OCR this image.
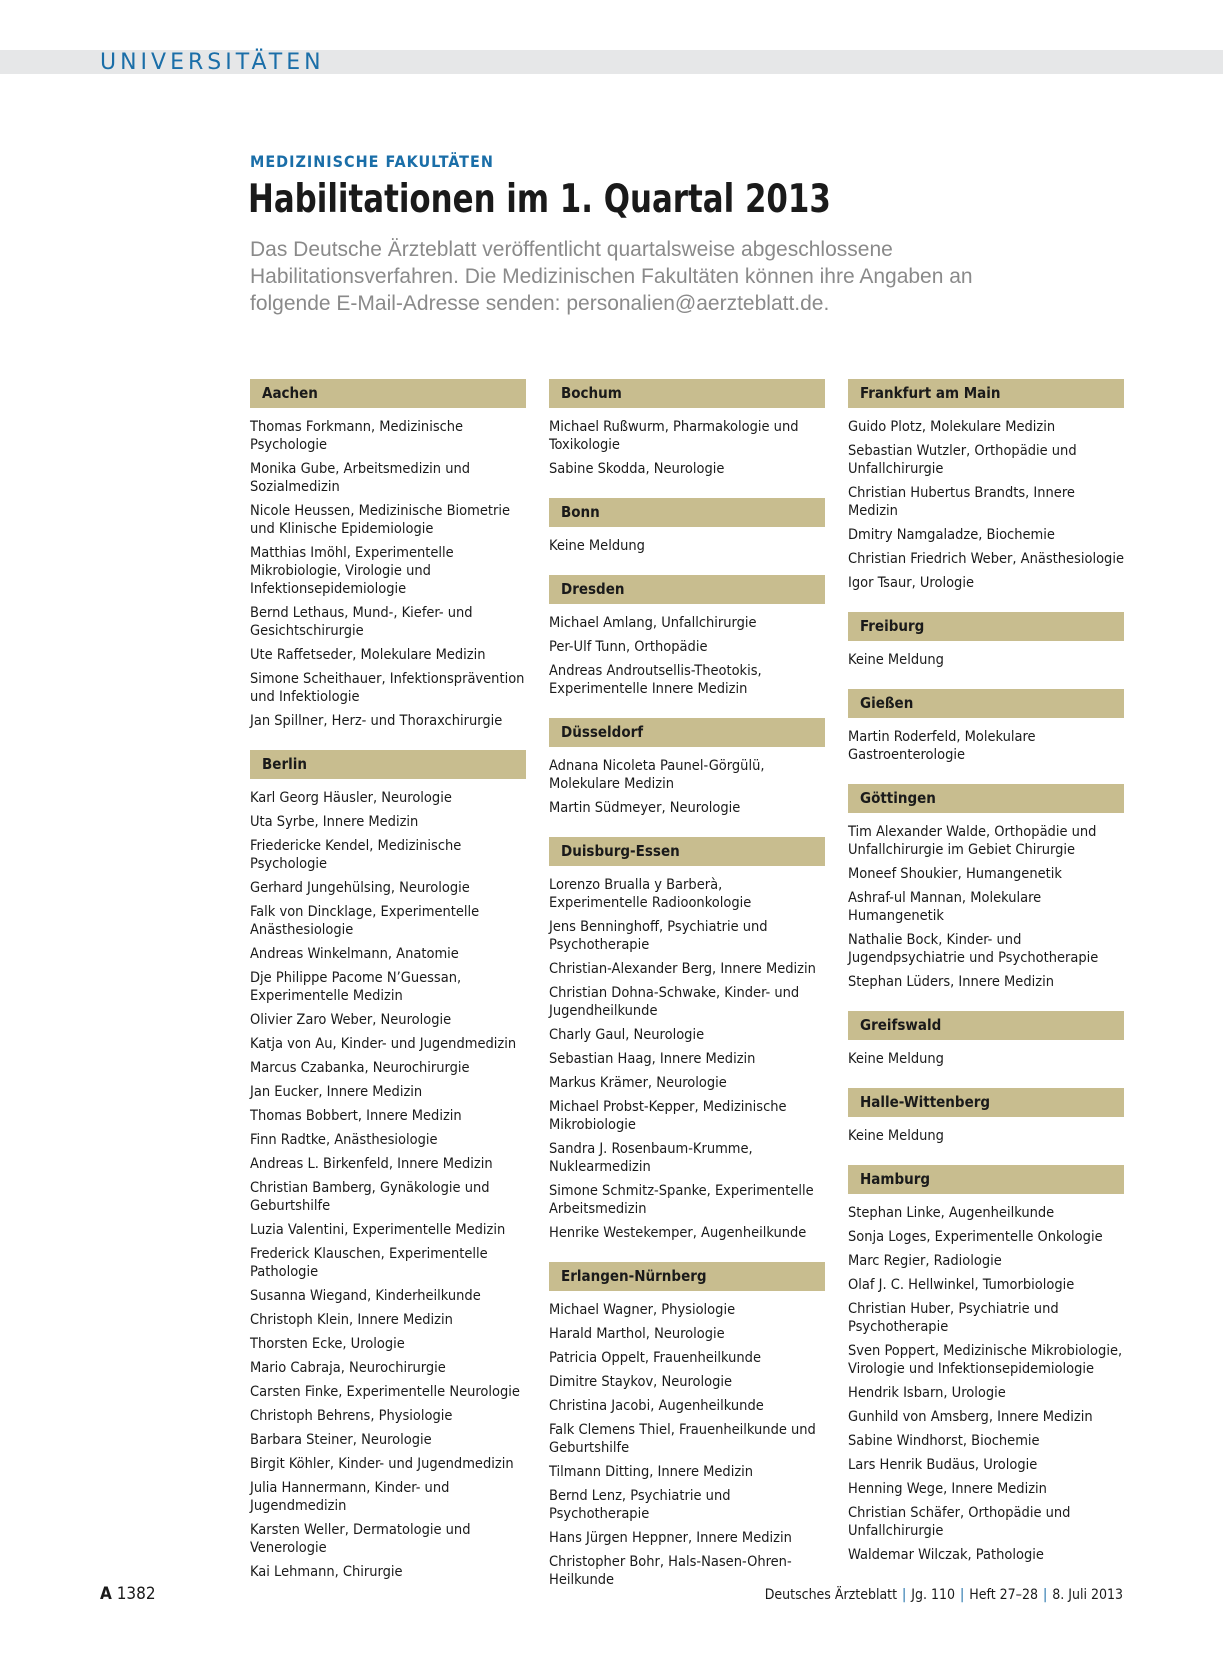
UNIVERSITÄTEN
MEDIZINISCHE FAKULTÄTEN
Habilitationen im 1. Quartal 2013
Das Deutsche Ärzteblatt veröffentlicht quartalsweise abgeschlossene Habilitationsverfahren. Die Medizinischen Fakultäten können ihre Angaben an folgende E-Mail-Adresse senden: personalien@aerzteblatt.de.
Aachen
Thomas Forkmann, Medizinische Psychologie
Monika Gube, Arbeitsmedizin und Sozialmedizin
Nicole Heussen, Medizinische Biometrie und Klinische Epidemiologie
Matthias Imöhl, Experimentelle Mikrobiologie, Virologie und Infektionsepidemiologie
Bernd Lethaus, Mund-, Kiefer- und Gesichtschirurgie
Ute Raffetseder, Molekulare Medizin
Simone Scheithauer, Infektionsprävention und Infektiologie
Jan Spillner, Herz- und Thoraxchirurgie
Berlin
Karl Georg Häusler, Neurologie
Uta Syrbe, Innere Medizin
Friedericke Kendel, Medizinische Psychologie
Gerhard Jungehülsing, Neurologie
Falk von Dincklage, Experimentelle Anästhesiologie
Andreas Winkelmann, Anatomie
Dje Philippe Pacome N’Guessan, Experimentelle Medizin
Olivier Zaro Weber, Neurologie
Katja von Au, Kinder- und Jugendmedizin
Marcus Czabanka, Neurochirurgie
Jan Eucker, Innere Medizin
Thomas Bobbert, Innere Medizin
Finn Radtke, Anästhesiologie
Andreas L. Birkenfeld, Innere Medizin
Christian Bamberg, Gynäkologie und Geburtshilfe
Luzia Valentini, Experimentelle Medizin
Frederick Klauschen, Experimentelle Pathologie
Susanna Wiegand, Kinderheilkunde
Christoph Klein, Innere Medizin
Thorsten Ecke, Urologie
Mario Cabraja, Neurochirurgie
Carsten Finke, Experimentelle Neurologie
Christoph Behrens, Physiologie
Barbara Steiner, Neurologie
Birgit Köhler, Kinder- und Jugendmedizin
Julia Hannermann, Kinder- und Jugendmedizin
Karsten Weller, Dermatologie und Venerologie
Kai Lehmann, Chirurgie
Bochum
Michael Rußwurm, Pharmakologie und Toxikologie
Sabine Skodda, Neurologie
Bonn
Keine Meldung
Dresden
Michael Amlang, Unfallchirurgie
Per-Ulf Tunn, Orthopädie
Andreas Androutsellis-Theotokis, Experimentelle Innere Medizin
Düsseldorf
Adnana Nicoleta Paunel-Görgülü, Molekulare Medizin
Martin Südmeyer, Neurologie
Duisburg-Essen
Lorenzo Brualla y Barberà, Experimentelle Radioonkologie
Jens Benninghoff, Psychiatrie und Psychotherapie
Christian-Alexander Berg, Innere Medizin
Christian Dohna-Schwake, Kinder- und Jugendheilkunde
Charly Gaul, Neurologie
Sebastian Haag, Innere Medizin
Markus Krämer, Neurologie
Michael Probst-Kepper, Medizinische Mikrobiologie
Sandra J. Rosenbaum-Krumme, Nuklearmedizin
Simone Schmitz-Spanke, Experimentelle Arbeitsmedizin
Henrike Westekemper, Augenheilkunde
Erlangen-Nürnberg
Michael Wagner, Physiologie
Harald Marthol, Neurologie
Patricia Oppelt, Frauenheilkunde
Dimitre Staykov, Neurologie
Christina Jacobi, Augenheilkunde
Falk Clemens Thiel, Frauenheilkunde und Geburtshilfe
Tilmann Ditting, Innere Medizin
Bernd Lenz, Psychiatrie und Psychotherapie
Hans Jürgen Heppner, Innere Medizin
Christopher Bohr, Hals-Nasen-Ohren-Heilkunde
Frankfurt am Main
Guido Plotz, Molekulare Medizin
Sebastian Wutzler, Orthopädie und Unfallchirurgie
Christian Hubertus Brandts, Innere Medizin
Dmitry Namgaladze, Biochemie
Christian Friedrich Weber, Anästhesiologie
Igor Tsaur, Urologie
Freiburg
Keine Meldung
Gießen
Martin Roderfeld, Molekulare Gastroenterologie
Göttingen
Tim Alexander Walde, Orthopädie und Unfallchirurgie im Gebiet Chirurgie
Moneef Shoukier, Humangenetik
Ashraf-ul Mannan, Molekulare Humangenetik
Nathalie Bock, Kinder- und Jugendpsychiatrie und Psychotherapie
Stephan Lüders, Innere Medizin
Greifswald
Keine Meldung
Halle-Wittenberg
Keine Meldung
Hamburg
Stephan Linke, Augenheilkunde
Sonja Loges, Experimentelle Onkologie
Marc Regier, Radiologie
Olaf J. C. Hellwinkel, Tumorbiologie
Christian Huber, Psychiatrie und Psychotherapie
Sven Poppert, Medizinische Mikrobiologie, Virologie und Infektionsepidemiologie
Hendrik Isbarn, Urologie
Gunhild von Amsberg, Innere Medizin
Sabine Windhorst, Biochemie
Lars Henrik Budäus, Urologie
Henning Wege, Innere Medizin
Christian Schäfer, Orthopädie und Unfallchirurgie
Waldemar Wilczak, Pathologie
A 1382	Deutsches Ärzteblatt | Jg. 110 | Heft 27–28 | 8. Juli 2013
